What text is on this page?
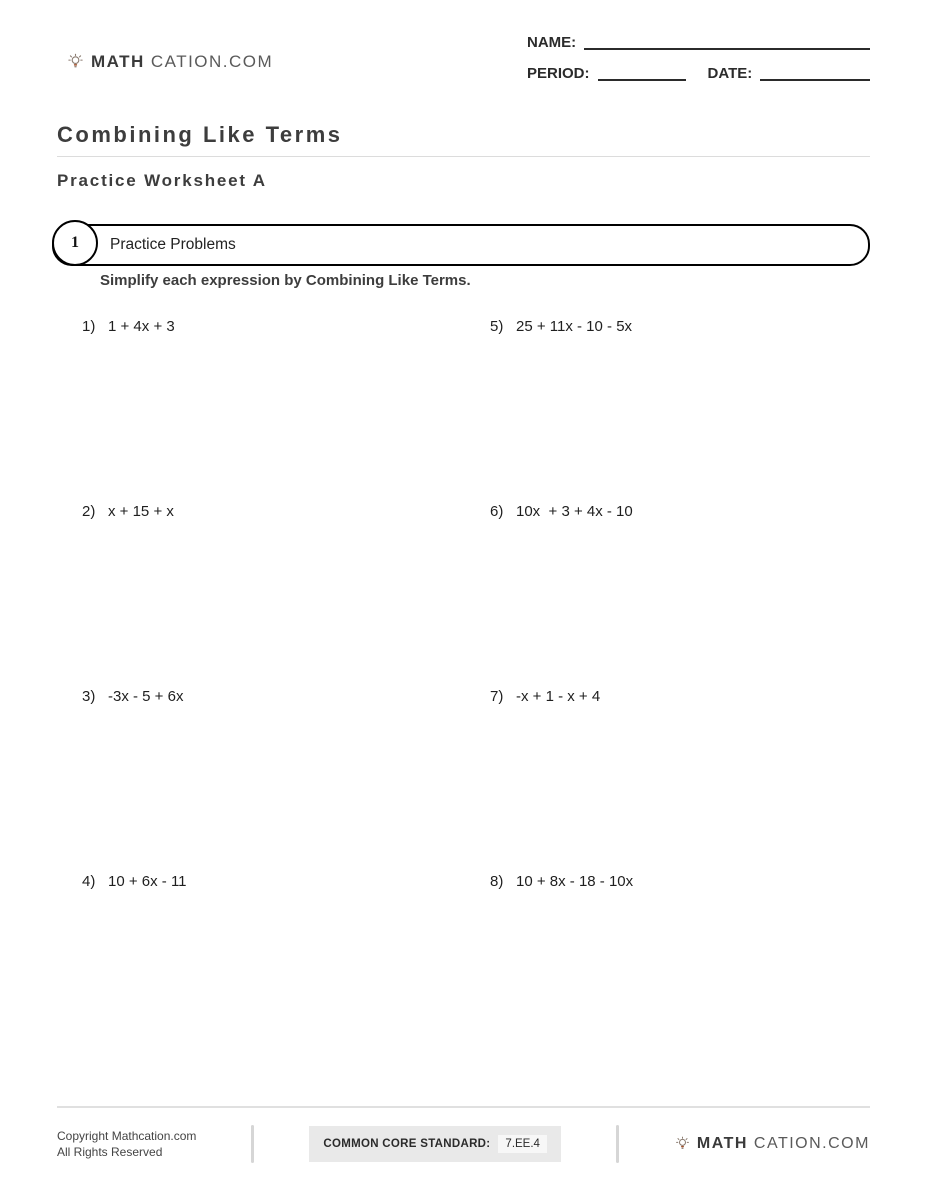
MATH CATION.COM
NAME:
PERIOD:	DATE:
Combining Like Terms
Practice Worksheet A
1 Practice Problems

Simplify each expression by Combining Like Terms.

1) 1 + 4x + 3	5) 25 + 11x - 10 - 5x
2) x + 15 + x	6) 10x  + 3 + 4x - 10
3) -3x - 5 + 6x	7) -x + 1 - x + 4
4) 10 + 6x - 11	8) 10 + 8x - 18 - 10x
Copyright Mathcation.com
All Rights Reserved
COMMON CORE STANDARD:	7.EE.4	MATH CATION.COM
